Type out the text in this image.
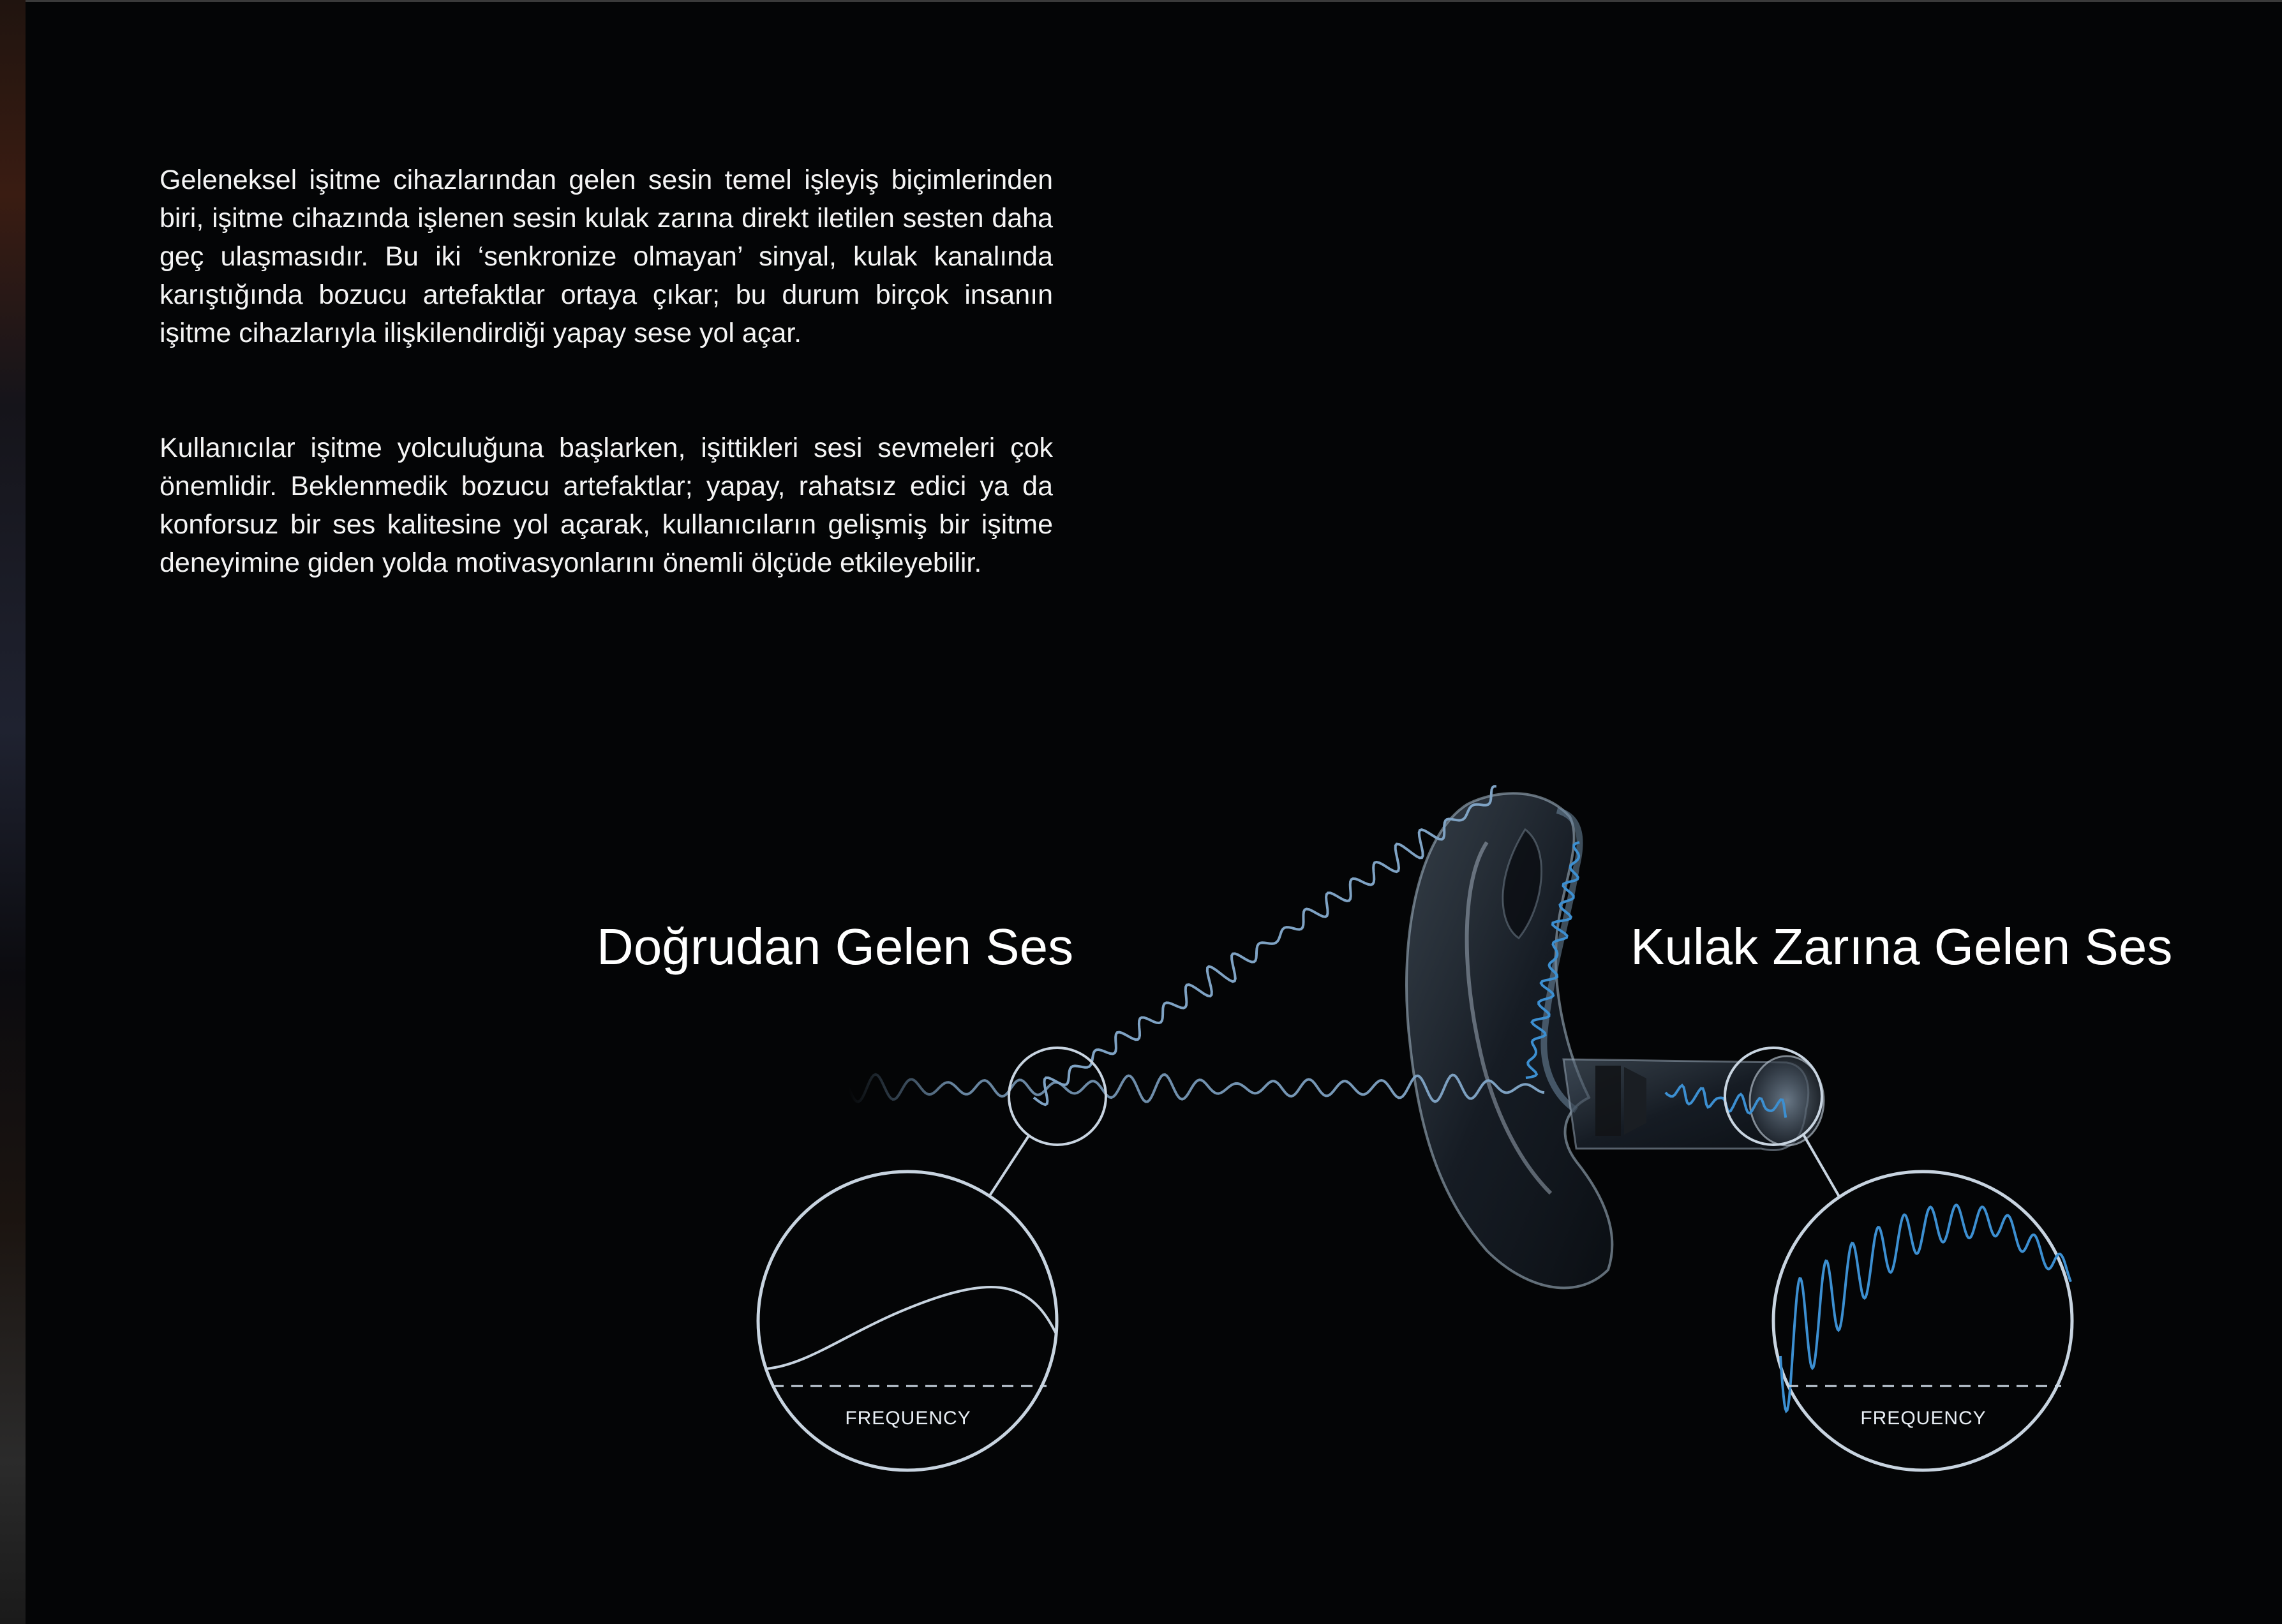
Geleneksel işitme cihazlarından gelen sesin temel işleyiş biçimlerinden biri, işitme cihazında işlenen sesin kulak zarına direkt iletilen sesten daha geç ulaşmasıdır. Bu iki ‘senkronize olmayan’ sinyal, kulak kanalında karıştığında bozucu artefaktlar ortaya çıkar; bu durum birçok insanın işitme cihazlarıyla ilişkilendirdiği yapay sese yol açar.
Kullanıcılar işitme yolculuğuna başlarken, işittikleri sesi sevmeleri çok önemlidir. Beklenmedik bozucu artefaktlar; yapay, rahatsız edici ya da konforsuz bir ses kalitesine yol açarak, kullanıcıların gelişmiş bir işitme deneyimine giden yolda motivasyonlarını önemli ölçüde etkileyebilir.
Doğrudan Gelen Ses	Kulak Zarına Gelen Ses
FREQUENCY	FREQUENCY
